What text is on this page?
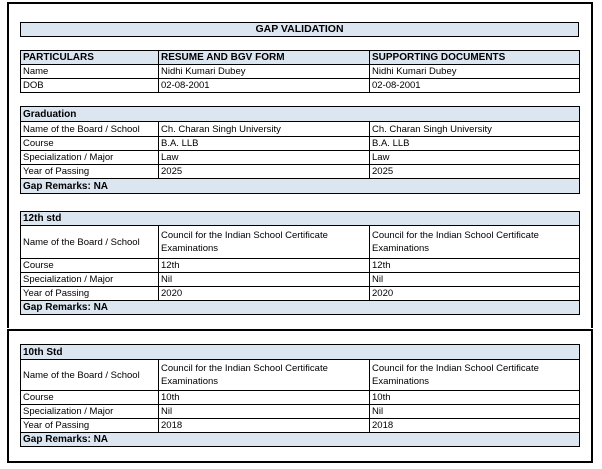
GAP VALIDATION
PARTICULARS	RESUME AND BGV FORM	SUPPORTING DOCUMENTS
Name	Nidhi Kumari Dubey	Nidhi Kumari Dubey
DOB	02-08-2001	02-08-2001
Graduation		
Name of the Board / School	Ch. Charan Singh University	Ch. Charan Singh University
Course	B.A. LLB	B.A. LLB
Specialization / Major	Law	Law
Year of Passing	2025	2025
Gap Remarks: NA		
12th std		
Name of the Board / School	Council for the Indian School Certificate Examinations	Council for the Indian School Certificate Examinations
Course	12th	12th
Specialization / Major	Nil	Nil
Year of Passing	2020	2020
Gap Remarks: NA		
10th Std		
Name of the Board / School	Council for the Indian School Certificate Examinations	Council for the Indian School Certificate Examinations
Course	10th	10th
Specialization / Major	Nil	Nil
Year of Passing	2018	2018
Gap Remarks: NA		
